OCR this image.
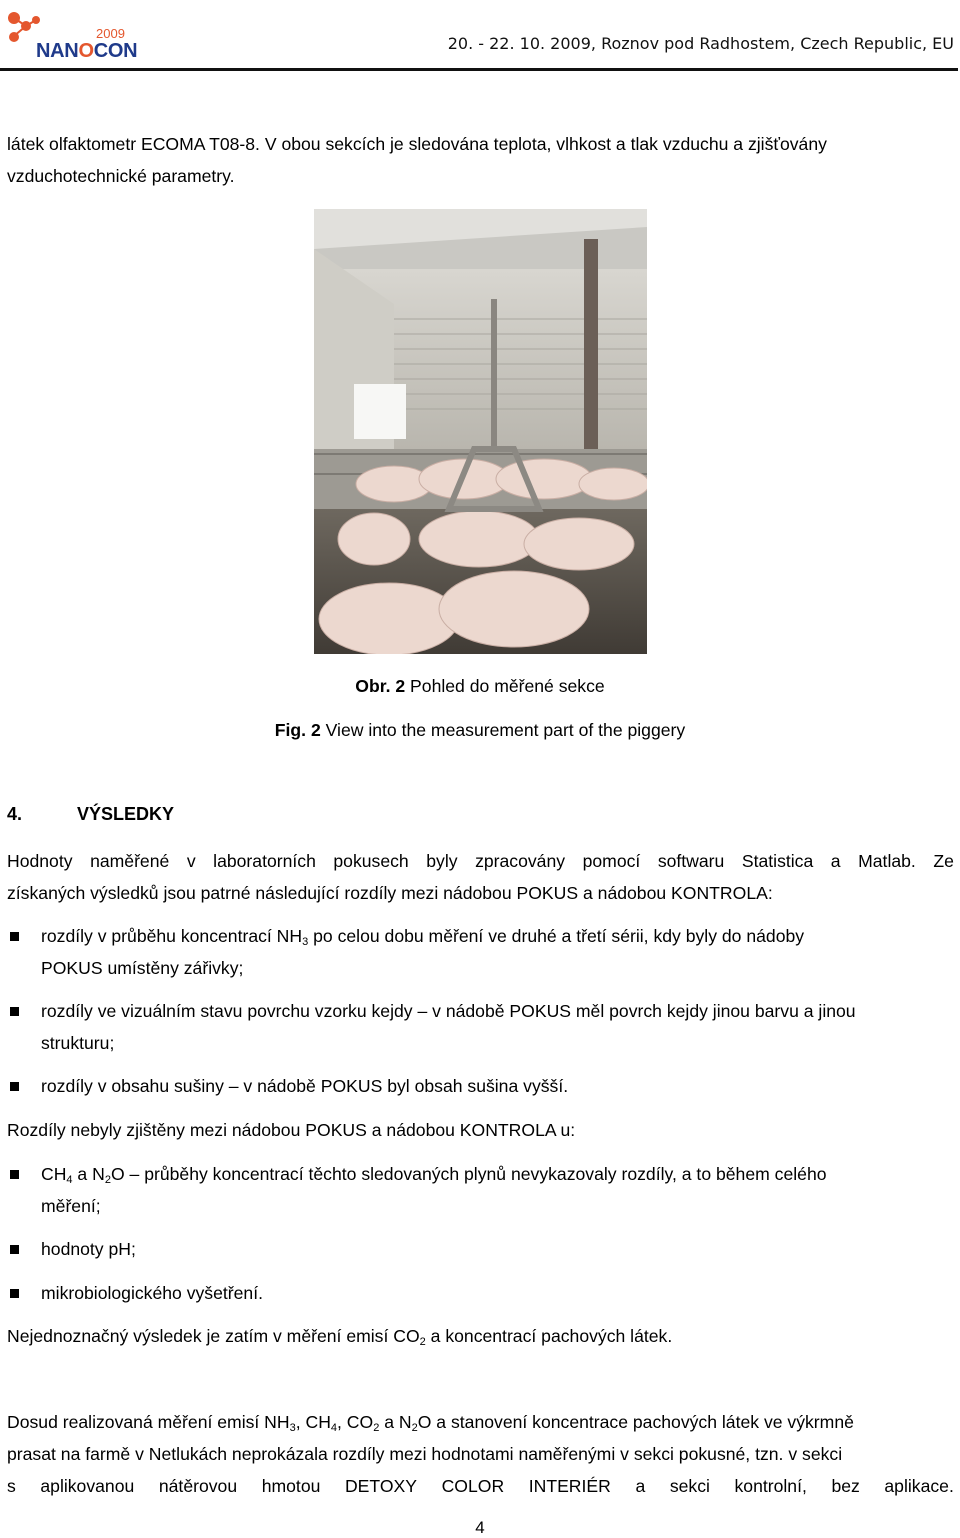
2009
NANOCON	20. - 22. 10. 2009, Roznov pod Radhostem, Czech Republic, EU
látek olfaktometr ECOMA T08-8. V obou sekcích je sledována teplota, vlhkost a tlak vzduchu a zjišťovány
vzduchotechnické parametry.
Obr. 2 Pohled do měřené sekce
Fig. 2 View into the measurement part of the piggery
4.	VÝSLEDKY
Hodnoty naměřené v laboratorních pokusech byly zpracovány pomocí softwaru Statistica a Matlab. Ze
získaných výsledků jsou patrné následující rozdíly mezi nádobou POKUS a nádobou KONTROLA:
rozdíly v průběhu koncentrací $NH_3$ po celou dobu měření ve druhé a třetí sérii, kdy byly do nádoby
POKUS umístěny zářivky;
rozdíly ve vizuálním stavu povrchu vzorku kejdy – v nádobě POKUS měl povrch kejdy jinou barvu a jinou
strukturu;
rozdíly v obsahu sušiny – v nádobě POKUS byl obsah sušina vyšší.
Rozdíly nebyly zjištěny mezi nádobou POKUS a nádobou KONTROLA u:
$CH_4$ a $N_2O$ – průběhy koncentrací těchto sledovaných plynů nevykazovaly rozdíly, a to během celého
měření;
hodnoty pH;
mikrobiologického vyšetření.
Nejednoznačný výsledek je zatím v měření emisí $CO_2$ a koncentrací pachových látek.
Dosud realizovaná měření emisí $NH_3$, $CH_4$, $CO_2$ a $N_2O$ a stanovení koncentrace pachových látek ve výkrmně
prasat na farmě v Netlukách neprokázala rozdíly mezi hodnotami naměřenými v sekci pokusné, tzn. v sekci
s aplikovanou nátěrovou hmotou DETOXY COLOR INTERIÉR a sekci kontrolní, bez aplikace.
4
